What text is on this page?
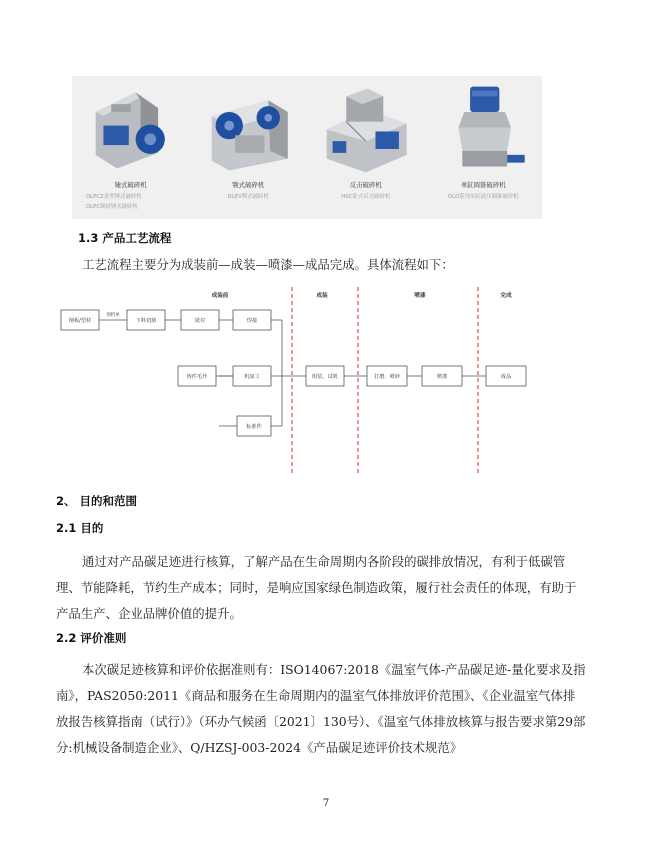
锤式破碎机
DLPCZ重型锤式破碎机
DLPC制砂锤式破碎机
颚式破碎机
DLEV颚式破碎机
反击破碎机
HSC卧式反击破碎机
单缸圆锥破碎机
DLD系列单缸液压圆锥破碎机
1.3 产品工艺流程

工艺流程主要分为成装前—成装—喷漆—成品完成。具体流程如下：

成装前	成装	喷漆	完成
钢板/型材
领料单
下料切割	铣对	焊接
铸件毛坯	机加工
标准件
组装、试机	打磨、喷砂	喷漆	成品
2、 目的和范围
2.1 目的

通过对产品碳足迹进行核算，了解产品在生命周期内各阶段的碳排放情况，有利于低碳管理、节能降耗，节约生产成本；同时，是响应国家绿色制造政策，履行社会责任的体现，有助于产品生产、企业品牌价值的提升。

2.2 评价准则

本次碳足迹核算和评价依据准则有：ISO14067:2018《温室气体-产品碳足迹-量化要求及指南》，PAS2050:2011《商品和服务在生命周期内的温室气体排放评价范围》、《企业温室气体排放报告核算指南（试行）》（环办气候函〔2021〕130号）、《温室气体排放核算与报告要求第29部分:机械设备制造企业》、Q/HZSJ-003-2024《产品碳足迹评价技术规范》

7
